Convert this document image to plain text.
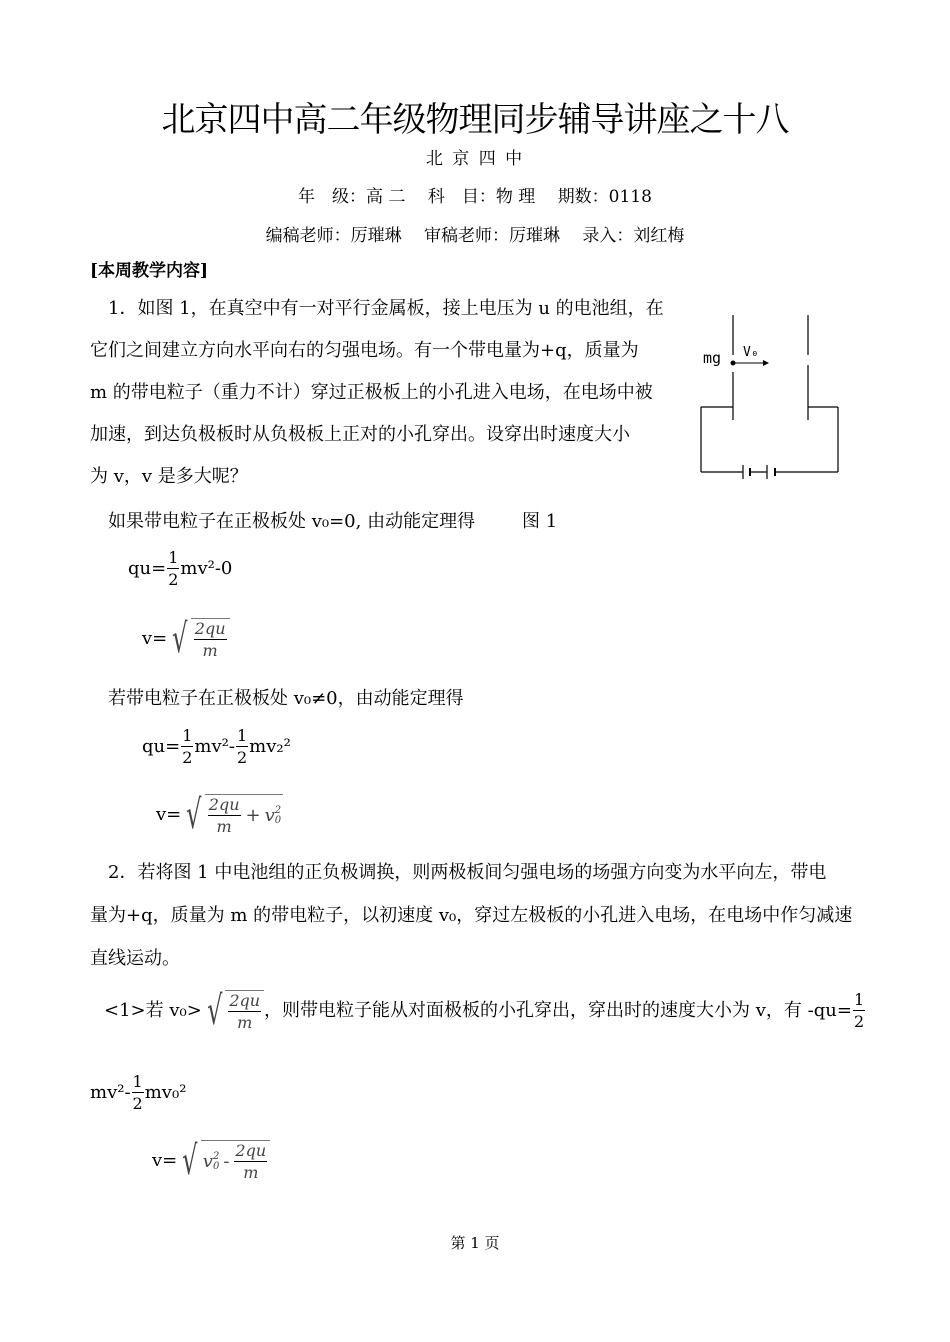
北京四中高二年级物理同步辅导讲座之十八
北 京 四 中
年　级：高 二　 科　目：物 理　 期数：0118
编稿老师：厉璀琳　 审稿老师：厉璀琳　 录入：刘红梅
[本周教学内容]
1．如图 1，在真空中有一对平行金属板，接上电压为 u 的电池组，在
它们之间建立方向水平向右的匀强电场。有一个带电量为+q，质量为
m 的带电粒子（重力不计）穿过正极板上的小孔进入电场，在电场中被
加速，到达负极板时从负极板上正对的小孔穿出。设穿出时速度大小
为 v，v 是多大呢？
mg V₀
如果带电粒子在正极板处 v₀=0, 由动能定理得	图 1
$qu= \frac{1}{2} mv^2-0$
v= √ $\frac{2qu}{m}$
若带电粒子在正极板处 v₀≠0，由动能定理得
$qu= \frac{1}{2} mv^2- \frac{1}{2} mv_2^2$
v= √ $\frac{2qu}{m} + v$ 2
0
2．若将图 1 中电池组的正负极调换，则两极板间匀强电场的场强方向变为水平向左，带电
量为+q，质量为 m 的带电粒子，以初速度 v₀，穿过左极板的小孔进入电场，在电场中作匀减速
直线运动。
<1>若 v₀> √ $\frac{2qu}{m}$ ，则带电粒子能从对面极板的小孔穿出，穿出时的速度大小为 v，有 $-qu= \frac{1}{2}$
$mv^2- \frac{1}{2} mv_0^2$
v= √ v 2
$0 - \frac{2qu}{m}$
第 1 页
